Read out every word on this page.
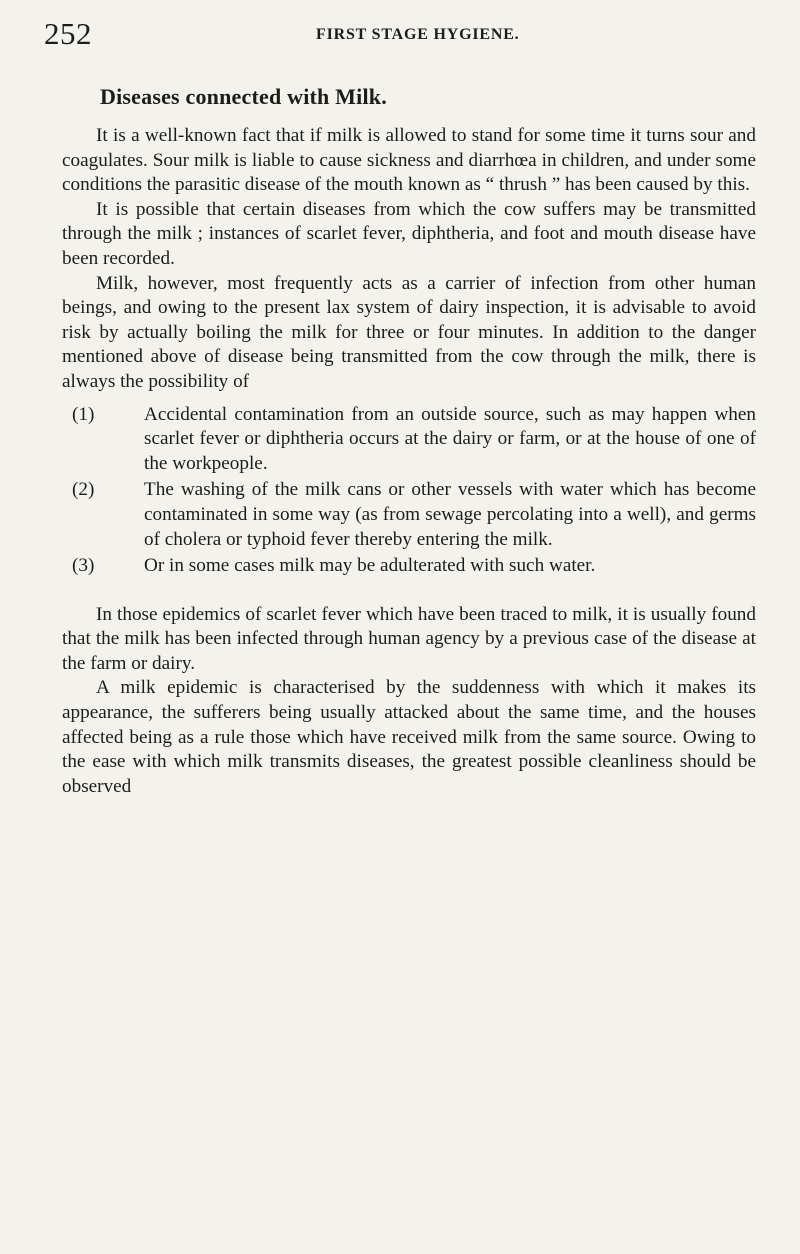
252	FIRST STAGE HYGIENE.
Diseases connected with Milk.

It is a well-known fact that if milk is allowed to stand for some time it turns sour and coagulates. Sour milk is liable to cause sickness and diarrhœa in children, and under some conditions the parasitic disease of the mouth known as “ thrush ” has been caused by this.

It is possible that certain diseases from which the cow suffers may be transmitted through the milk ; instances of scarlet fever, diphtheria, and foot and mouth disease have been recorded.

Milk, however, most frequently acts as a carrier of infection from other human beings, and owing to the present lax system of dairy inspection, it is advisable to avoid risk by actually boiling the milk for three or four minutes. In addition to the danger mentioned above of disease being transmitted from the cow through the milk, there is always the possibility of

(1)	Accidental contamination from an outside source, such as may happen when scarlet fever or diphtheria occurs at the dairy or farm, or at the house of one of the workpeople.
(2)	The washing of the milk cans or other vessels with water which has become contaminated in some way (as from sewage percolating into a well), and germs of cholera or typhoid fever thereby entering the milk.
(3)	Or in some cases milk may be adulterated with such water.

In those epidemics of scarlet fever which have been traced to milk, it is usually found that the milk has been infected through human agency by a previous case of the disease at the farm or dairy.

A milk epidemic is characterised by the suddenness with which it makes its appearance, the sufferers being usually attacked about the same time, and the houses affected being as a rule those which have received milk from the same source. Owing to the ease with which milk transmits diseases, the greatest possible cleanliness should be observed
